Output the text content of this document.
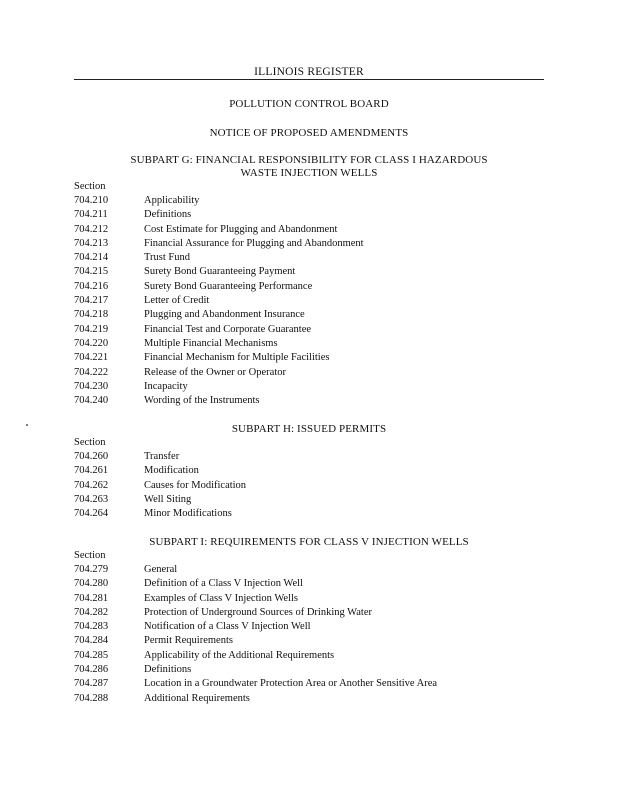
ILLINOIS REGISTER
POLLUTION CONTROL BOARD
NOTICE OF PROPOSED AMENDMENTS
SUBPART G: FINANCIAL RESPONSIBILITY FOR CLASS I HAZARDOUS
WASTE INJECTION WELLS
Section
704.210	Applicability
704.211	Definitions
704.212	Cost Estimate for Plugging and Abandonment
704.213	Financial Assurance for Plugging and Abandonment
704.214	Trust Fund
704.215	Surety Bond Guaranteeing Payment
704.216	Surety Bond Guaranteeing Performance
704.217	Letter of Credit
704.218	Plugging and Abandonment Insurance
704.219	Financial Test and Corporate Guarantee
704.220	Multiple Financial Mechanisms
704.221	Financial Mechanism for Multiple Facilities
704.222	Release of the Owner or Operator
704.230	Incapacity
704.240	Wording of the Instruments
SUBPART H: ISSUED PERMITS
Section
704.260	Transfer
704.261	Modification
704.262	Causes for Modification
704.263	Well Siting
704.264	Minor Modifications
SUBPART I: REQUIREMENTS FOR CLASS V INJECTION WELLS
Section
704.279	General
704.280	Definition of a Class V Injection Well
704.281	Examples of Class V Injection Wells
704.282	Protection of Underground Sources of Drinking Water
704.283	Notification of a Class V Injection Well
704.284	Permit Requirements
704.285	Applicability of the Additional Requirements
704.286	Definitions
704.287	Location in a Groundwater Protection Area or Another Sensitive Area
704.288	Additional Requirements
